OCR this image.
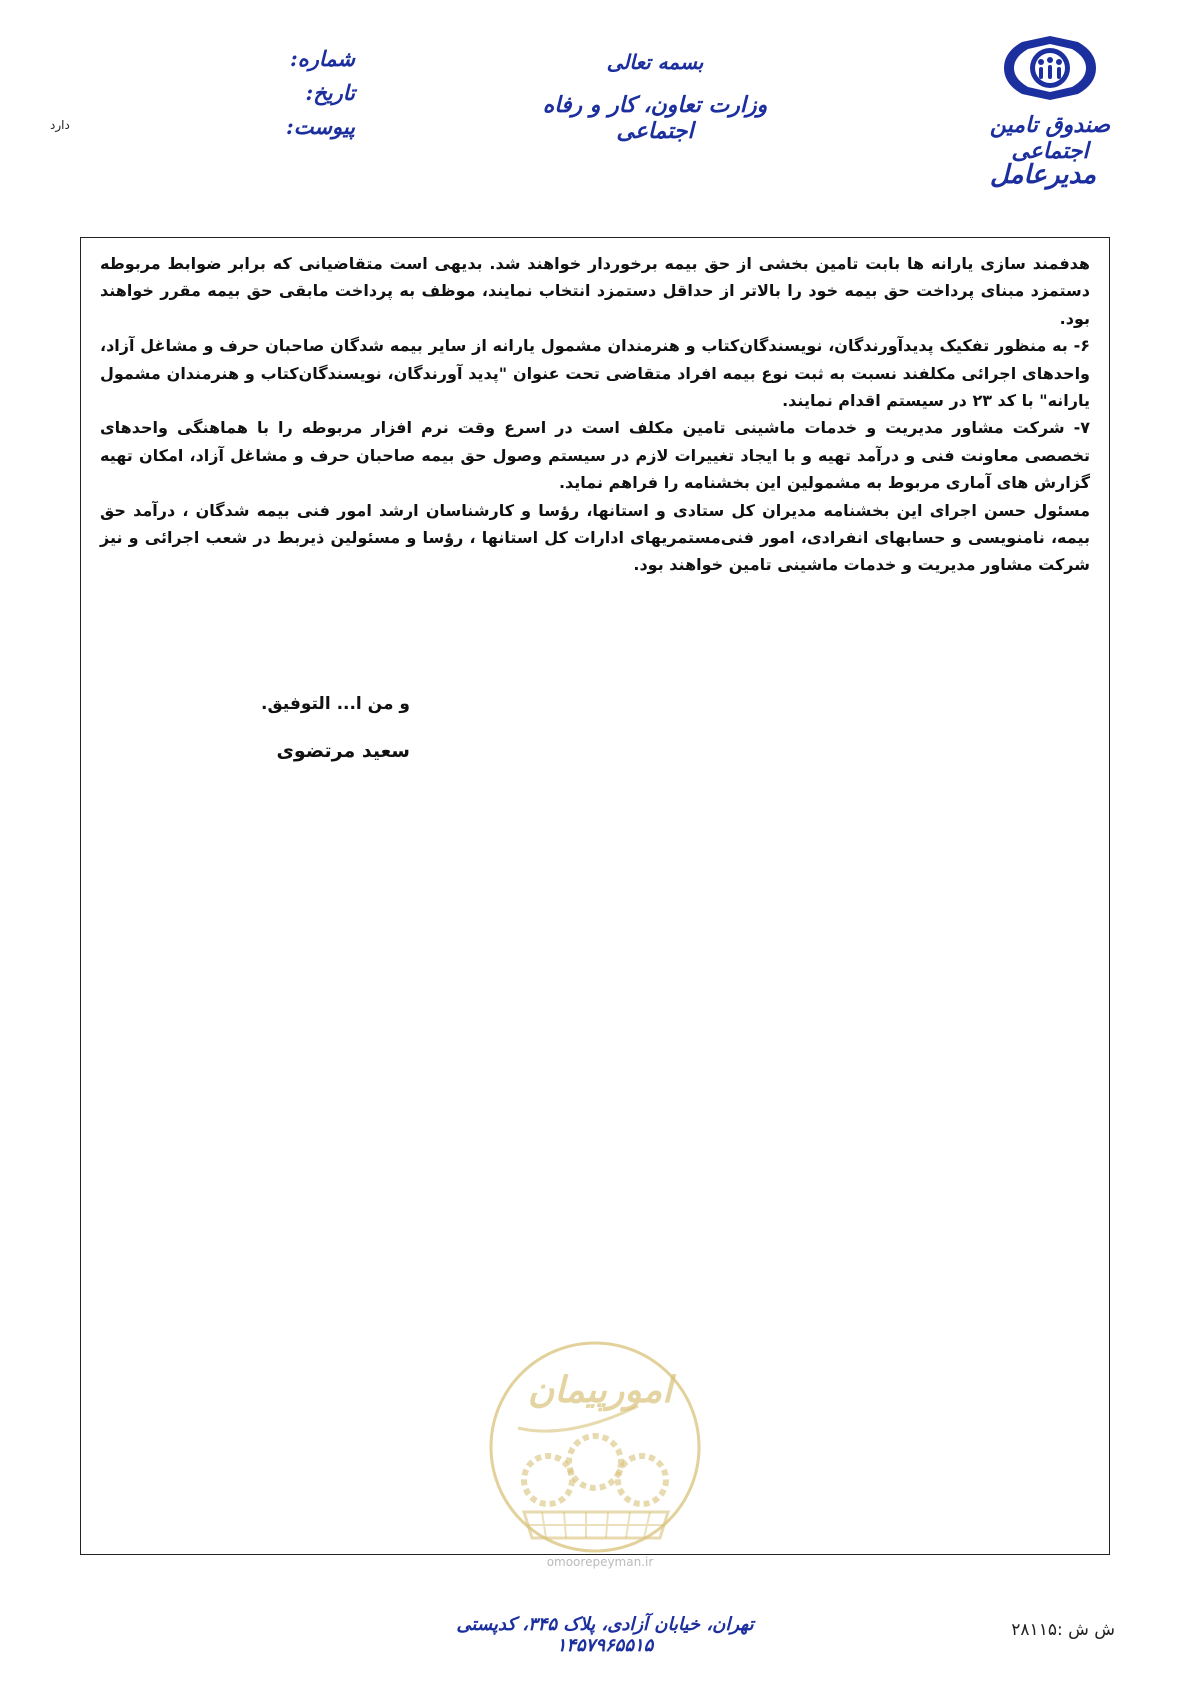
صندوق تامین اجتماعی
مدیرعامل
بسمه تعالی
وزارت تعاون، کار و رفاه اجتماعی
شماره:
تاریخ:
پیوست:
دارد

هدفمند سازی یارانه ها بابت تامین بخشی از حق بیمه برخوردار خواهند شد. بدیهی است متقاضیانی که برابر ضوابط مربوطه دستمزد مبنای پرداخت حق بیمه خود را بالاتر از حداقل دستمزد انتخاب نمایند، موظف به پرداخت مابقی حق بیمه مقرر خواهند بود.

۶- به منظور تفکیک پدیدآورندگان، نویسندگان‌کتاب و هنرمندان مشمول یارانه از سایر بیمه شدگان صاحبان حرف و مشاغل آزاد، واحدهای اجرائی مکلفند نسبت به ثبت نوع بیمه افراد متقاضی تحت عنوان "پدید آورندگان، نویسندگان‌کتاب و هنرمندان مشمول یارانه" با کد ۲۳ در سیستم اقدام نمایند.

۷- شرکت مشاور مدیریت و خدمات ماشینی تامین مکلف است در اسرع وقت نرم افزار مربوطه را با هماهنگی واحدهای تخصصی معاونت فنی و درآمد تهیه و با ایجاد تغییرات لازم در سیستم وصول حق بیمه صاحبان حرف و مشاغل آزاد، امکان تهیه گزارش های آماری مربوط به مشمولین این بخشنامه را فراهم نماید.

مسئول حسن اجرای این بخشنامه مدیران کل ستادی و استانها، رؤسا و کارشناسان ارشد امور فنی بیمه شدگان ، درآمد حق بیمه، نامنویسی و حسابهای انفرادی، امور فنی‌مستمریهای ادارات کل استانها ، رؤسا و مسئولین ذیربط در شعب اجرائی و نیز شرکت مشاور مدیریت و خدمات ماشینی تامین خواهند بود.

و من ا... التوفیق.
سعید مرتضوی
امورپیمان
omoorepeyman.ir
تهران، خیابان آزادی، پلاک ۳۴۵، کدپستی ۱۴۵۷۹۶۵۵۱۵
ش ش :۲۸۱۱۵
